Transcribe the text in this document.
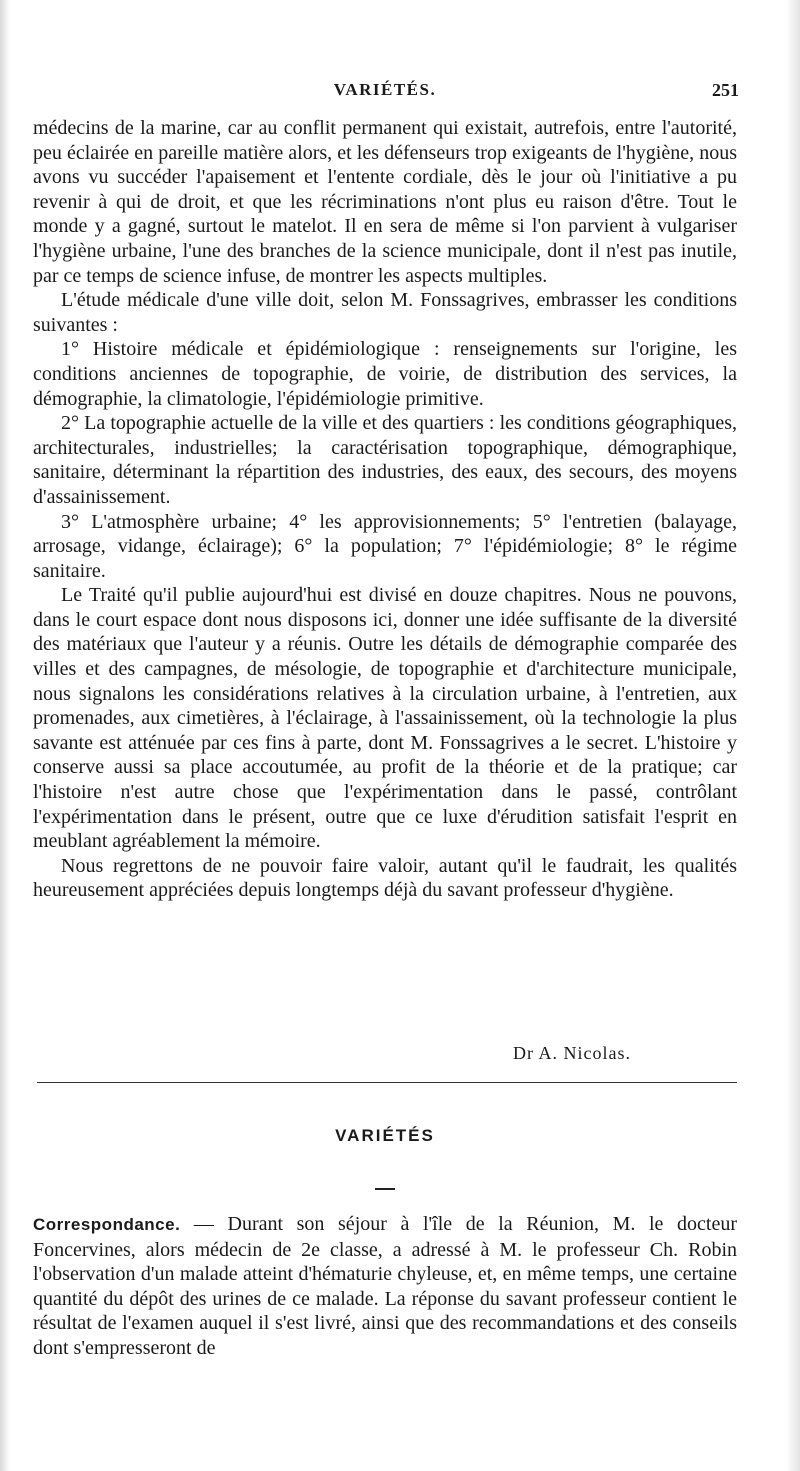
VARIÉTÉS.	251

médecins de la marine, car au conflit permanent qui existait, autrefois, entre l'autorité, peu éclairée en pareille matière alors, et les défenseurs trop exigeants de l'hygiène, nous avons vu succéder l'apaisement et l'entente cordiale, dès le jour où l'initiative a pu revenir à qui de droit, et que les récriminations n'ont plus eu raison d'être. Tout le monde y a gagné, surtout le matelot. Il en sera de même si l'on parvient à vulgariser l'hygiène urbaine, l'une des branches de la science municipale, dont il n'est pas inutile, par ce temps de science infuse, de montrer les aspects multiples.

L'étude médicale d'une ville doit, selon M. Fonssagrives, embrasser les conditions suivantes :

1° Histoire médicale et épidémiologique : renseignements sur l'origine, les conditions anciennes de topographie, de voirie, de distribution des services, la démographie, la climatologie, l'épidémiologie primitive.

2° La topographie actuelle de la ville et des quartiers : les conditions géographiques, architecturales, industrielles; la caractérisation topographique, démographique, sanitaire, déterminant la répartition des industries, des eaux, des secours, des moyens d'assainissement.

3° L'atmosphère urbaine; 4° les approvisionnements; 5° l'entretien (balayage, arrosage, vidange, éclairage); 6° la population; 7° l'épidémiologie; 8° le régime sanitaire.

Le Traité qu'il publie aujourd'hui est divisé en douze chapitres. Nous ne pouvons, dans le court espace dont nous disposons ici, donner une idée suffisante de la diversité des matériaux que l'auteur y a réunis. Outre les détails de démographie comparée des villes et des campagnes, de mésologie, de topographie et d'architecture municipale, nous signalons les considérations relatives à la circulation urbaine, à l'entretien, aux promenades, aux cimetières, à l'éclairage, à l'assainissement, où la technologie la plus savante est atténuée par ces fins à parte, dont M. Fonssagrives a le secret. L'histoire y conserve aussi sa place accoutumée, au profit de la théorie et de la pratique; car l'histoire n'est autre chose que l'expérimentation dans le passé, contrôlant l'expérimentation dans le présent, outre que ce luxe d'érudition satisfait l'esprit en meublant agréablement la mémoire.

Nous regrettons de ne pouvoir faire valoir, autant qu'il le faudrait, les qualités heureusement appréciées depuis longtemps déjà du savant professeur d'hygiène.

Dr A. Nicolas.
VARIÉTÉS

Correspondance. — Durant son séjour à l'île de la Réunion, M. le docteur Foncervines, alors médecin de 2e classe, a adressé à M. le professeur Ch. Robin l'observation d'un malade atteint d'hématurie chyleuse, et, en même temps, une certaine quantité du dépôt des urines de ce malade. La réponse du savant professeur contient le résultat de l'examen auquel il s'est livré, ainsi que des recommandations et des conseils dont s'empresseront de
